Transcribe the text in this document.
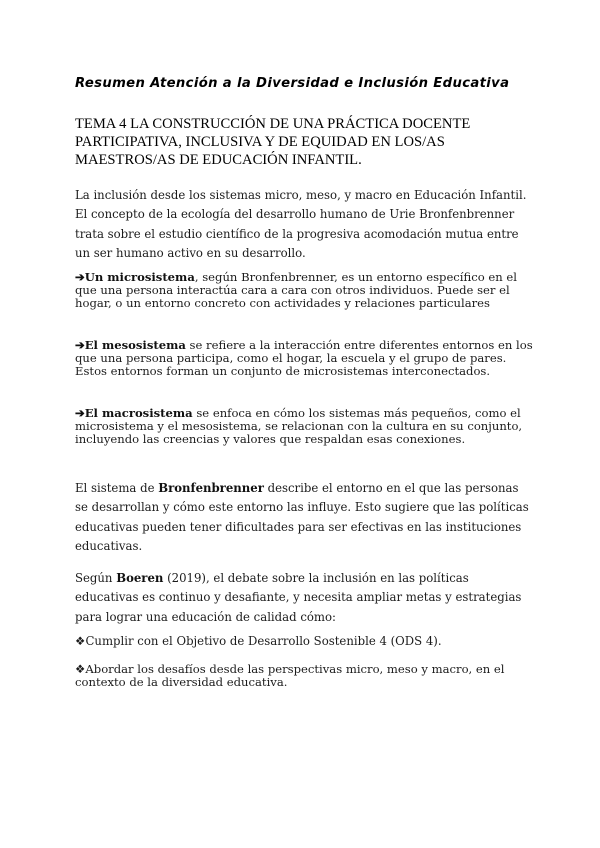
Resumen Atención a la Diversidad e Inclusión Educativa
TEMA 4 LA CONSTRUCCIÓN DE UNA PRÁCTICA DOCENTE PARTICIPATIVA, INCLUSIVA Y DE EQUIDAD EN LOS/AS MAESTROS/AS DE EDUCACIÓN INFANTIL.
La inclusión desde los sistemas micro, meso, y macro en Educación Infantil. El concepto de la ecología del desarrollo humano de Urie Bronfenbrenner trata sobre el estudio científico de la progresiva acomodación mutua entre un ser humano activo en su desarrollo.
➔Un microsistema, según Bronfenbrenner, es un entorno específico en el que una persona interactúa cara a cara con otros individuos. Puede ser el hogar, o un entorno concreto con actividades y relaciones particulares
➔El mesosistema se refiere a la interacción entre diferentes entornos en los que una persona participa, como el hogar, la escuela y el grupo de pares. Estos entornos forman un conjunto de microsistemas interconectados.
➔El macrosistema se enfoca en cómo los sistemas más pequeños, como el microsistema y el mesosistema, se relacionan con la cultura en su conjunto, incluyendo las creencias y valores que respaldan esas conexiones.
El sistema de Bronfenbrenner describe el entorno en el que las personas se desarrollan y cómo este entorno las influye. Esto sugiere que las políticas educativas pueden tener dificultades para ser efectivas en las instituciones educativas.
Según Boeren (2019), el debate sobre la inclusión en las políticas educativas es continuo y desafiante, y necesita ampliar metas y estrategias para lograr una educación de calidad cómo:
❖Cumplir con el Objetivo de Desarrollo Sostenible 4 (ODS 4).
❖Abordar los desafíos desde las perspectivas micro, meso y macro, en el contexto de la diversidad educativa.
